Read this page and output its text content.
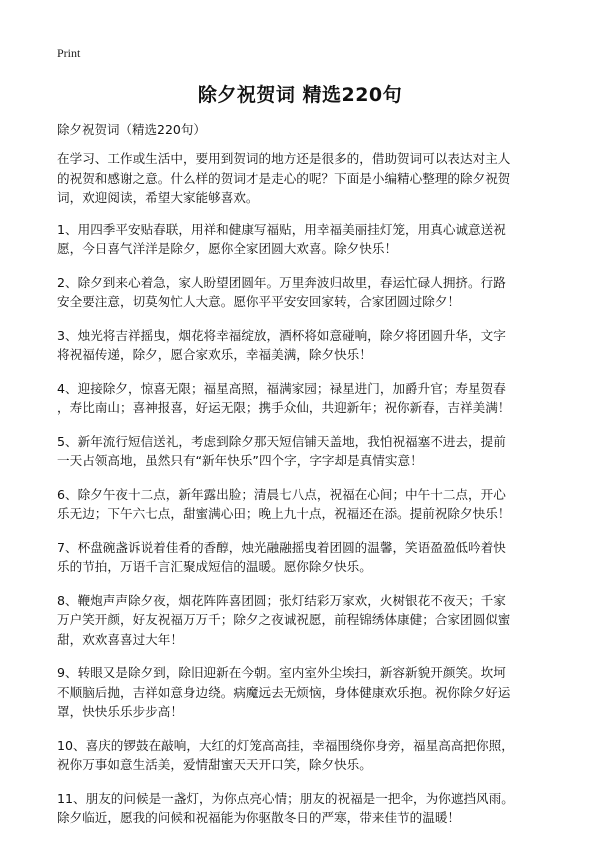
Print
除夕祝贺词 精选220句

除夕祝贺词（精选220句）

在学习、工作或生活中，要用到贺词的地方还是很多的，借助贺词可以表达对主人
的祝贺和感谢之意。什么样的贺词才是走心的呢？下面是小编精心整理的除夕祝贺
词，欢迎阅读，希望大家能够喜欢。

1、用四季平安贴春联，用祥和健康写福贴，用幸福美丽挂灯笼，用真心诚意送祝
愿，今日喜气洋洋是除夕，愿你全家团圆大欢喜。除夕快乐！

2、除夕到来心着急，家人盼望团圆年。万里奔波归故里，春运忙碌人拥挤。行路
安全要注意，切莫匆忙人大意。愿你平平安安回家转，合家团圆过除夕！

3、烛光将吉祥摇曳，烟花将幸福绽放，酒杯将如意碰响，除夕将团圆升华，文字
将祝福传递，除夕，愿合家欢乐，幸福美满，除夕快乐！

4、迎接除夕，惊喜无限；福星高照，福满家园；禄星进门，加爵升官；寿星贺春
，寿比南山；喜神报喜，好运无限；携手众仙，共迎新年；祝你新春，吉祥美满！

5、新年流行短信送礼，考虑到除夕那天短信铺天盖地，我怕祝福塞不进去，提前
一天占领高地，虽然只有“新年快乐”四个字，字字却是真情实意！

6、除夕午夜十二点，新年露出脸；清晨七八点，祝福在心间；中午十二点，开心
乐无边；下午六七点，甜蜜满心田；晚上九十点，祝福还在添。提前祝除夕快乐！

7、杯盘碗盏诉说着佳肴的香醇，烛光融融摇曳着团圆的温馨，笑语盈盈低吟着快
乐的节拍，万语千言汇聚成短信的温暖。愿你除夕快乐。

8、鞭炮声声除夕夜，烟花阵阵喜团圆；张灯结彩万家欢，火树银花不夜天；千家
万户笑开颜，好友祝福万万千；除夕之夜诚祝愿，前程锦绣体康健；合家团圆似蜜
甜，欢欢喜喜过大年！

9、转眼又是除夕到，除旧迎新在今朝。室内室外尘埃扫，新容新貌开颜笑。坎坷
不顺脑后抛，吉祥如意身边绕。病魔远去无烦恼，身体健康欢乐抱。祝你除夕好运
罩，快快乐乐步步高！

10、喜庆的锣鼓在敲响，大红的灯笼高高挂，幸福围绕你身旁，福星高高把你照，
祝你万事如意生活美，爱情甜蜜天天开口笑，除夕快乐。

11、朋友的问候是一盏灯，为你点亮心情；朋友的祝福是一把伞，为你遮挡风雨。
除夕临近，愿我的问候和祝福能为你驱散冬日的严寒，带来佳节的温暖！
